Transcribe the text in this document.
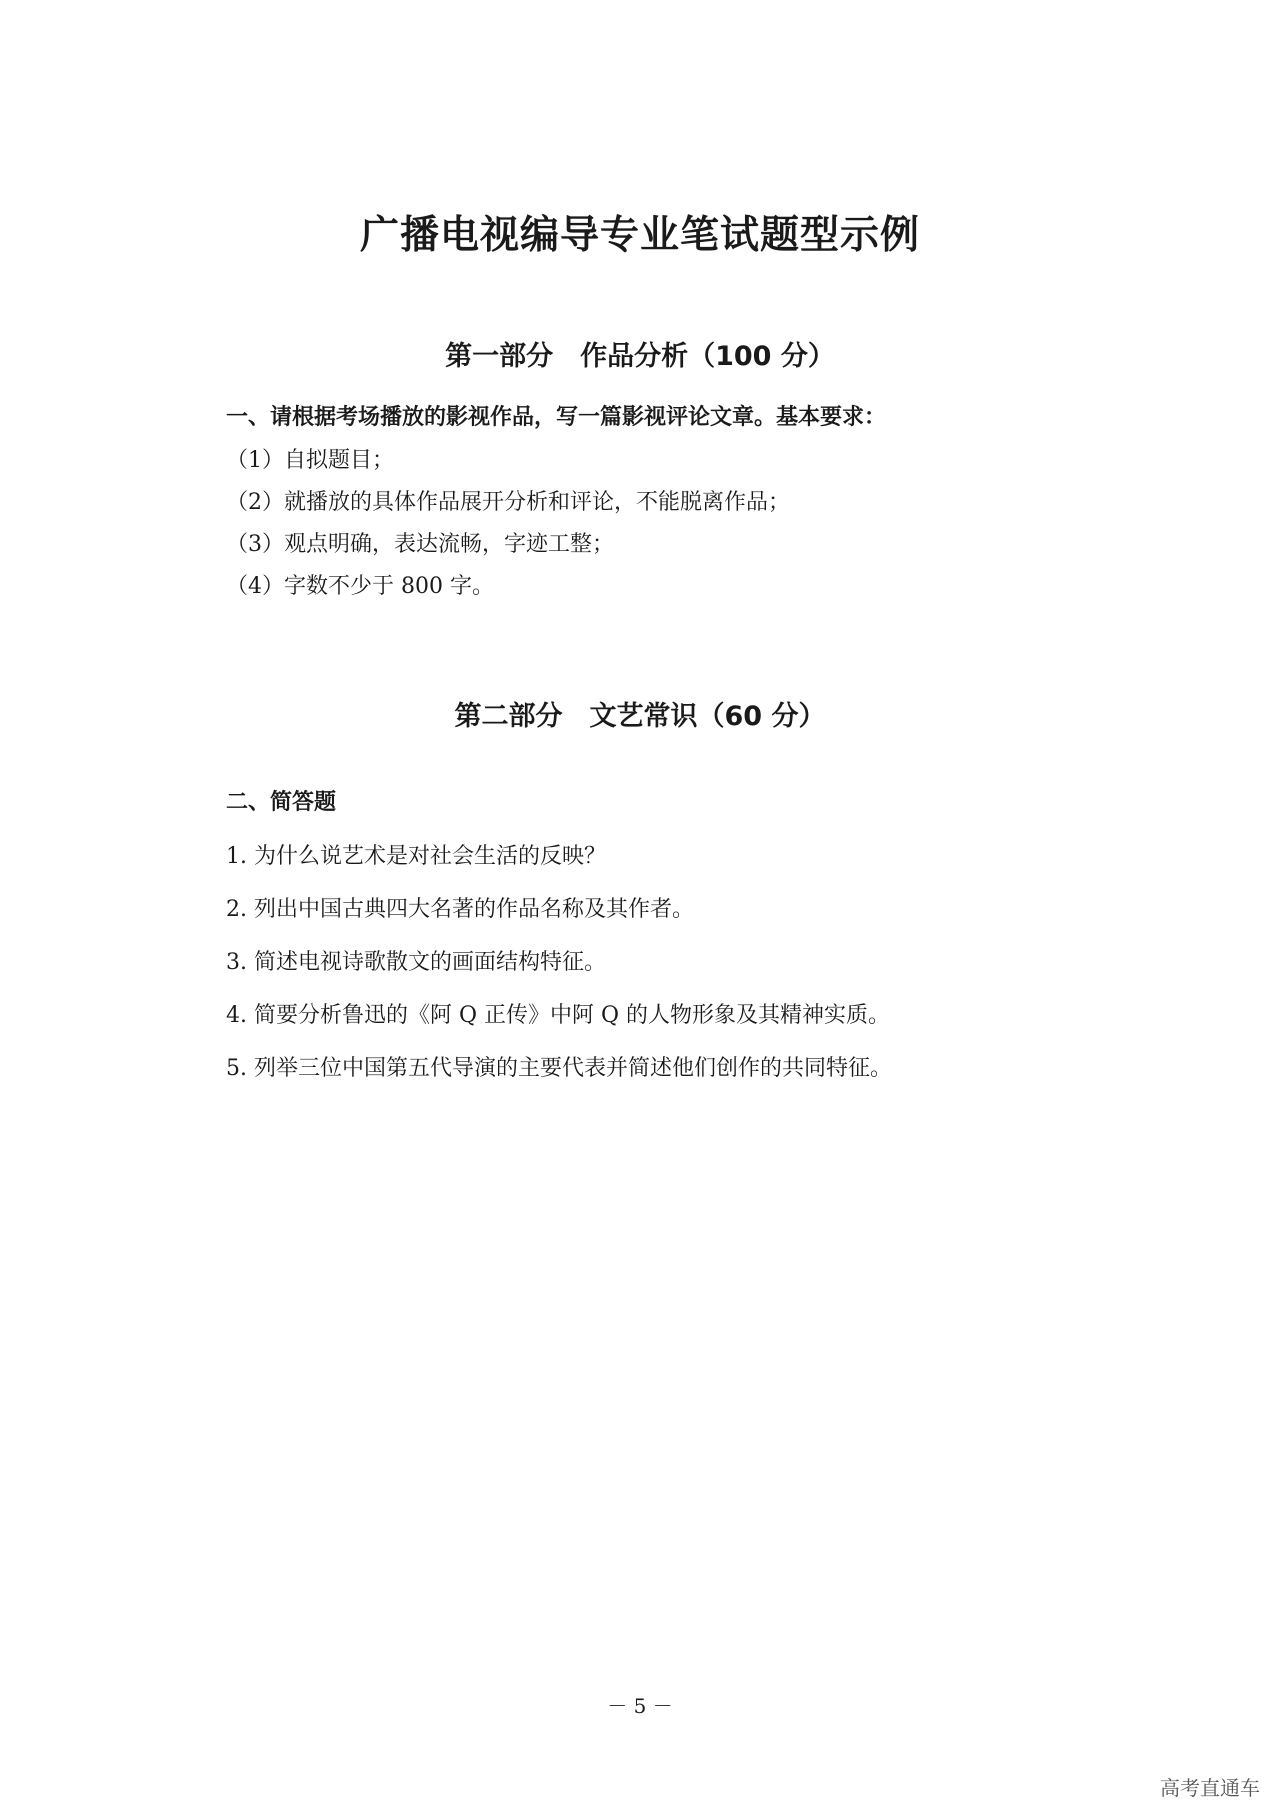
广播电视编导专业笔试题型示例
第一部分　作品分析（100 分）

一、请根据考场播放的影视作品，写一篇影视评论文章。基本要求：

（1）自拟题目；
（2）就播放的具体作品展开分析和评论，不能脱离作品；
（3）观点明确，表达流畅，字迹工整；
（4）字数不少于 800 字。
第二部分　文艺常识（60 分）

二、简答题

1. 为什么说艺术是对社会生活的反映？
2. 列出中国古典四大名著的作品名称及其作者。
3. 简述电视诗歌散文的画面结构特征。
4. 简要分析鲁迅的《阿 Q 正传》中阿 Q 的人物形象及其精神实质。
5. 列举三位中国第五代导演的主要代表并简述他们创作的共同特征。
－ 5 －
高考直通车
